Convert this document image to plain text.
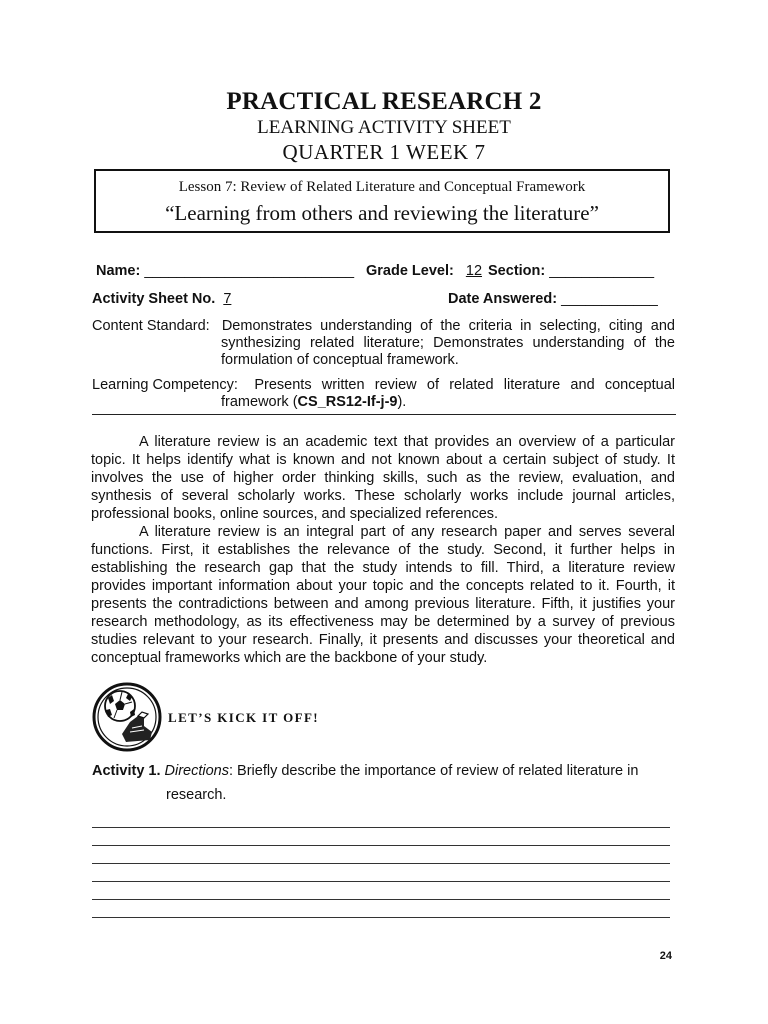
PRACTICAL RESEARCH 2
LEARNING ACTIVITY SHEET
QUARTER 1 WEEK 7
Lesson 7: Review of Related Literature and Conceptual Framework
“Learning from others and reviewing the literature”
Name: __________________________ Grade Level: 12 Section: _____________
Activity Sheet No. 7	Date Answered: ____________
Content Standard: Demonstrates understanding of the criteria in selecting, citing and synthesizing related literature; Demonstrates understanding of the formulation of conceptual framework.
Learning Competency:	Presents written review of related literature and conceptual framework (CS_RS12-If-j-9).

A literature review is an academic text that provides an overview of a particular topic. It helps identify what is known and not known about a certain subject of study. It involves the use of higher order thinking skills, such as the review, evaluation, and synthesis of several scholarly works. These scholarly works include journal articles, professional books, online sources, and specialized references.

A literature review is an integral part of any research paper and serves several functions. First, it establishes the relevance of the study. Second, it further helps in establishing the research gap that the study intends to fill. Third, a literature review provides important information about your topic and the concepts related to it. Fourth, it presents the contradictions between and among previous literature. Fifth, it justifies your research methodology, as its effectiveness may be determined by a survey of previous studies relevant to your research. Finally, it presents and discusses your theoretical and conceptual frameworks which are the backbone of your study.

LET’S KICK IT OFF!
Activity 1. Directions: Briefly describe the importance of review of related literature in
research.
24
